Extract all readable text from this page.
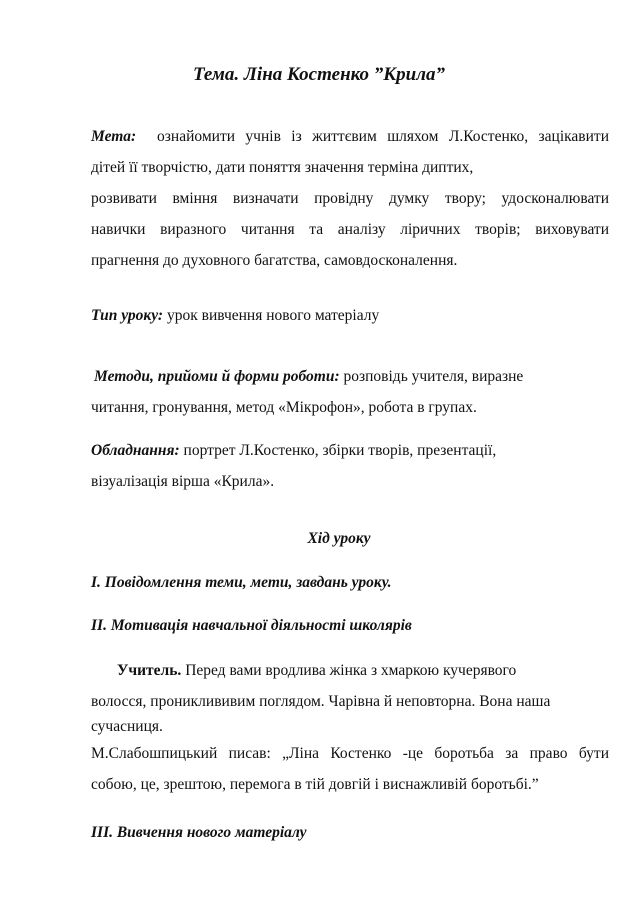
Тема. Ліна Костенко ”Крила”
Мета: ознайомити учнів із життєвим шляхом Л.Костенко, зацікавити
дітей її творчістю, дати поняття значення терміна диптих,
розвивати вміння визначати провідну думку твору; удосконалювати
навички виразного читання та аналізу ліричних творів; виховувати
прагнення до духовного багатства, самовдосконалення.
Тип уроку: урок вивчення нового матеріалу
Методи, прийоми й форми роботи: розповідь учителя, виразне
читання, гронування, метод «Мікрофон», робота в групах.
Обладнання: портрет Л.Костенко, збірки творів, презентації,
візуалізація вірша «Крила».
Хід уроку
І. Повідомлення теми, мети, завдань уроку.
ІІ. Мотивація навчальної діяльності школярів
Учитель. Перед вами вродлива жінка з хмаркою кучерявого
волосся, прониклививим поглядом. Чарівна й неповторна. Вона наша
сучасниця.
М.Слабошпицький писав: „Ліна Костенко -це боротьба за право бути
собою, це, зрештою, перемога в тій довгій і виснажливій боротьбі.”
ІІІ. Вивчення нового матеріалу
